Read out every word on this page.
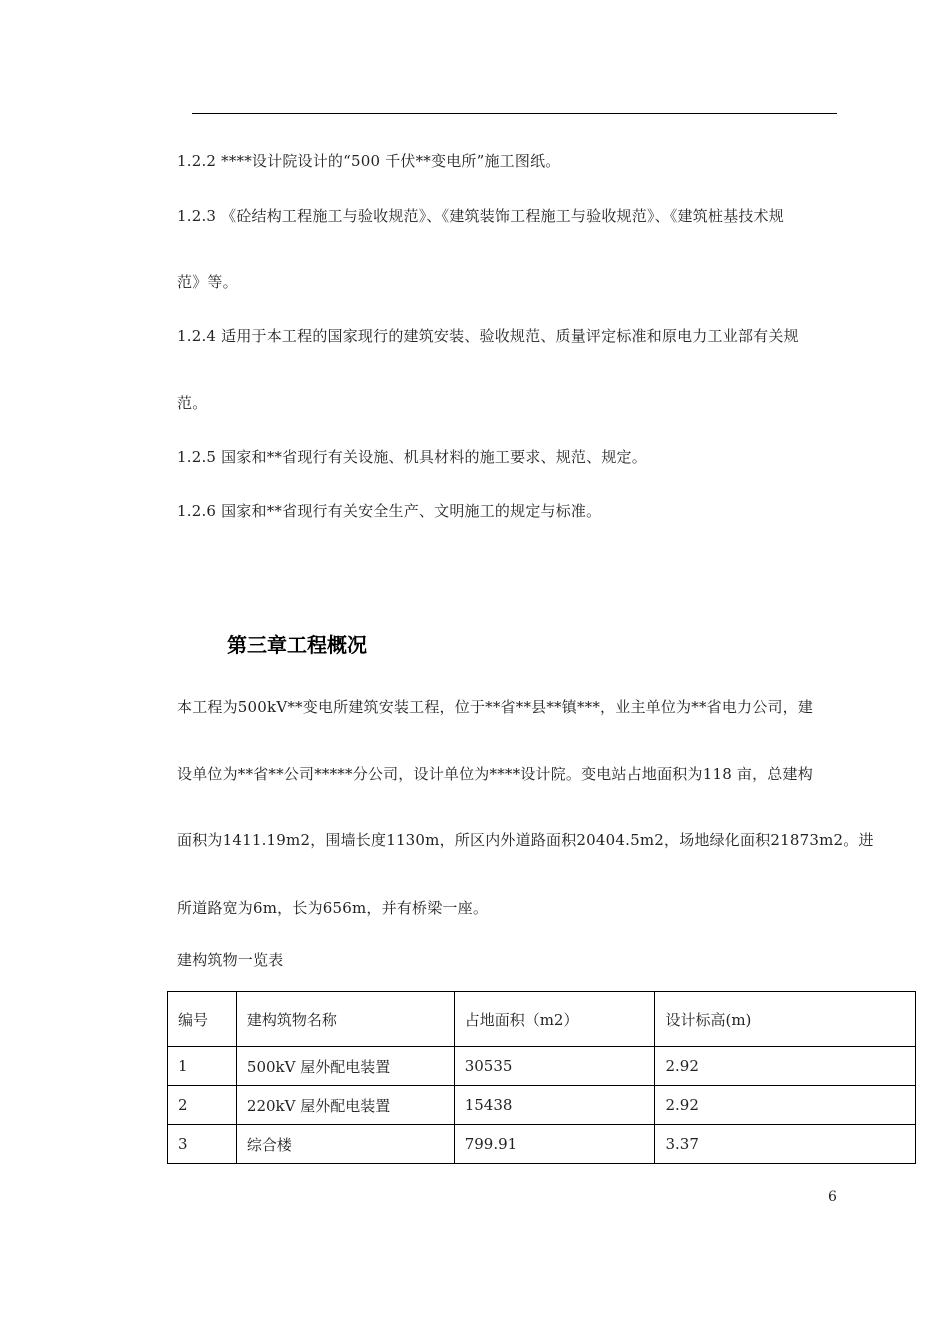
1.2.2 ****设计院设计的“500 千伏**变电所”施工图纸。
1.2.3 《砼结构工程施工与验收规范》、《建筑装饰工程施工与验收规范》、《建筑桩基技术规
范》等。
1.2.4 适用于本工程的国家现行的建筑安装、验收规范、质量评定标准和原电力工业部有关规
范。
1.2.5 国家和**省现行有关设施、机具材料的施工要求、规范、规定。
1.2.6 国家和**省现行有关安全生产、文明施工的规定与标准。
第三章工程概况
本工程为500kV**变电所建筑安装工程，位于**省**县**镇***，业主单位为**省电力公司，建
设单位为**省**公司*****分公司，设计单位为****设计院。变电站占地面积为118 亩，总建构
面积为1411.19m2，围墙长度1130m，所区内外道路面积20404.5m2，场地绿化面积21873m2。进
所道路宽为6m，长为656m，并有桥梁一座。
建构筑物一览表
编号	建构筑物名称	占地面积（m2）	设计标高(m)
1	500kV 屋外配电装置	30535	2.92
2	220kV 屋外配电装置	15438	2.92
3	综合楼	799.91	3.37
6
